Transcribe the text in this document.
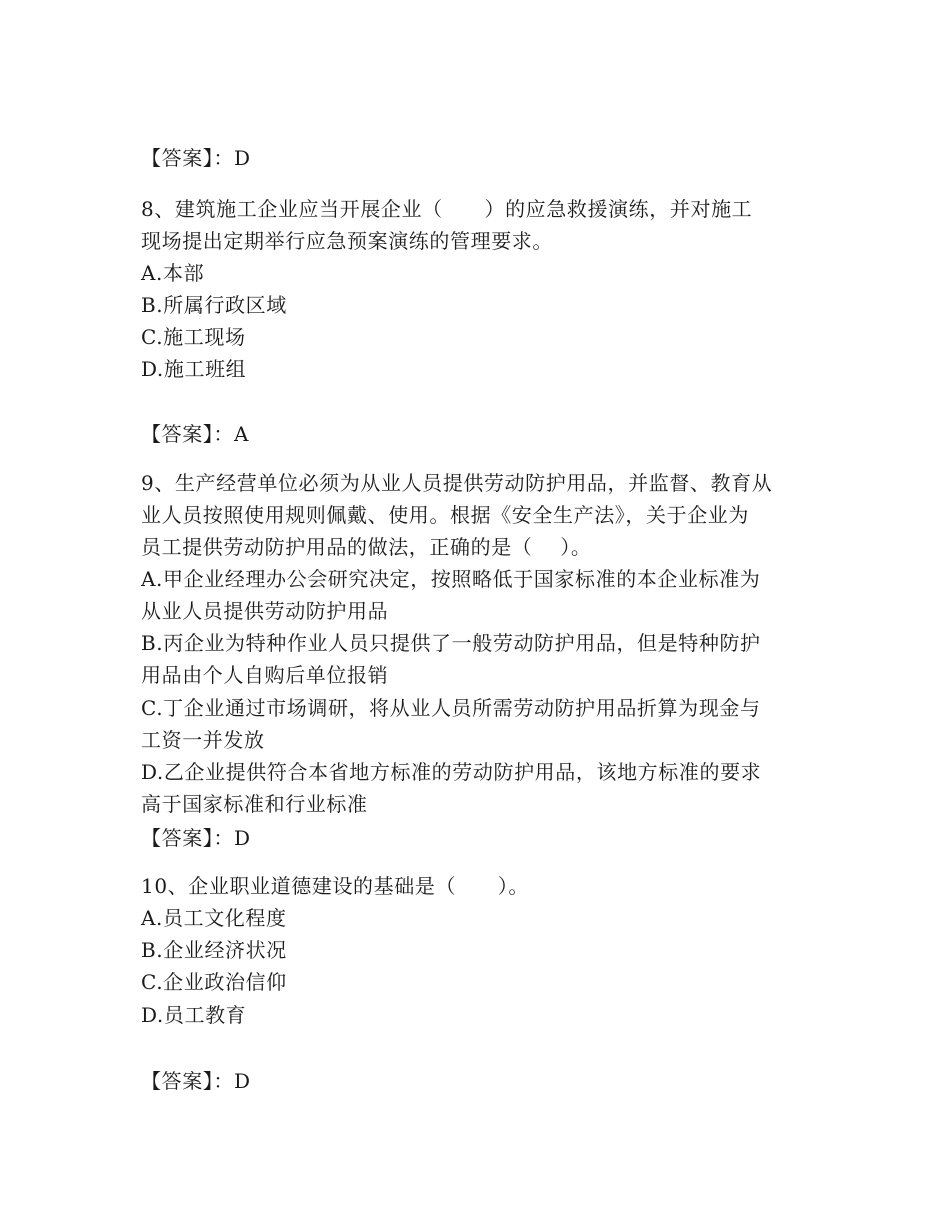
【答案】：D
8、建筑施工企业应当开展企业（      ）的应急救援演练，并对施工
现场提出定期举行应急预案演练的管理要求。
A.本部
B.所属行政区域
C.施工现场
D.施工班组
【答案】：A
9、生产经营单位必须为从业人员提供劳动防护用品，并监督、教育从
业人员按照使用规则佩戴、使用。根据《安全生产法》，关于企业为
员工提供劳动防护用品的做法，正确的是（    ）。
A.甲企业经理办公会研究决定，按照略低于国家标准的本企业标准为
从业人员提供劳动防护用品
B.丙企业为特种作业人员只提供了一般劳动防护用品，但是特种防护
用品由个人自购后单位报销
C.丁企业通过市场调研，将从业人员所需劳动防护用品折算为现金与
工资一并发放
D.乙企业提供符合本省地方标准的劳动防护用品，该地方标准的要求
高于国家标准和行业标准
【答案】：D
10、企业职业道德建设的基础是（      ）。
A.员工文化程度
B.企业经济状况
C.企业政治信仰
D.员工教育
【答案】：D
